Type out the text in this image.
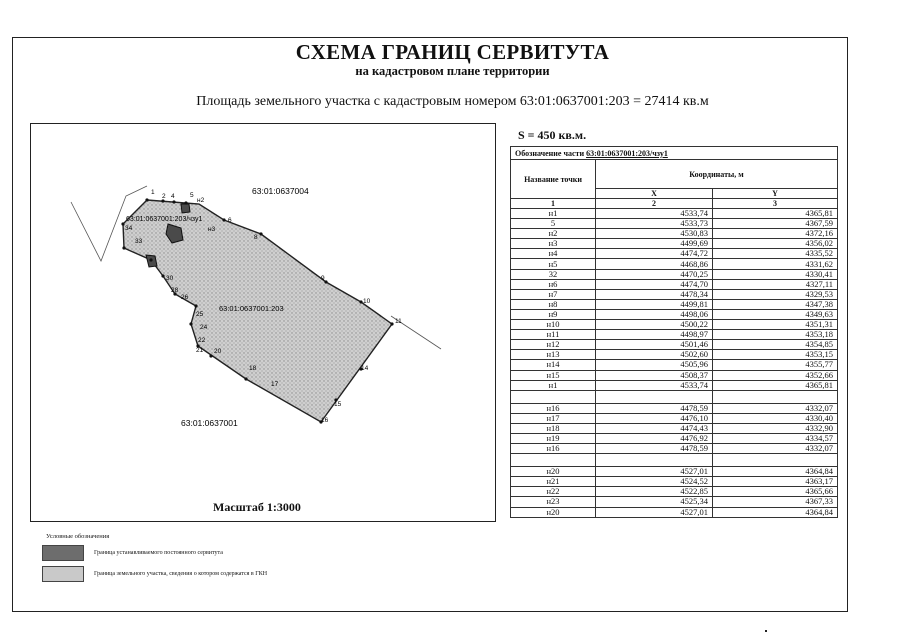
СХЕМА ГРАНИЦ СЕРВИТУТА
на кадастровом плане территории
Площадь земельного участка с кадастровым номером 63:01:0637001:203 = 27414 кв.м
63:01:0637004
63:01:0637001
63:01:0637001:203
63:01:0637001:203/чзу1
1
2 4 5
н2
н3
6
8
9
10
11
34
33
30
28
26
25
24
22
21 20
18
17
14
15
16
Масштаб 1:3000
Условные обозначения
Граница устанавливаемого постоянного сервитута
Граница земельного участка, сведения о котором содержатся в ГКН
S = 450 кв.м.
Обозначение части 63:01:0637001:203/чзу1		
Название точки	Координаты, м	
	X	Y
1	2	3
н1	4533,74	4365,81
5	4533,73	4367,59
н2	4530,83	4372,16
н3	4499,69	4356,02
н4	4474,72	4335,52
н5	4468,86	4331,62
32	4470,25	4330,41
н6	4474,70	4327,11
н7	4478,34	4329,53
н8	4499,81	4347,38
н9	4498,06	4349,63
н10	4500,22	4351,31
н11	4498,97	4353,18
н12	4501,46	4354,85
н13	4502,60	4353,15
н14	4505,96	4355,77
н15	4508,37	4352,66
н1	4533,74	4365,81

н16	4478,59	4332,07
н17	4476,10	4330,40
н18	4474,43	4332,90
н19	4476,92	4334,57
н16	4478,59	4332,07

н20	4527,01	4364,84
н21	4524,52	4363,17
н22	4522,85	4365,66
н23	4525,34	4367,33
н20	4527,01	4364,84
